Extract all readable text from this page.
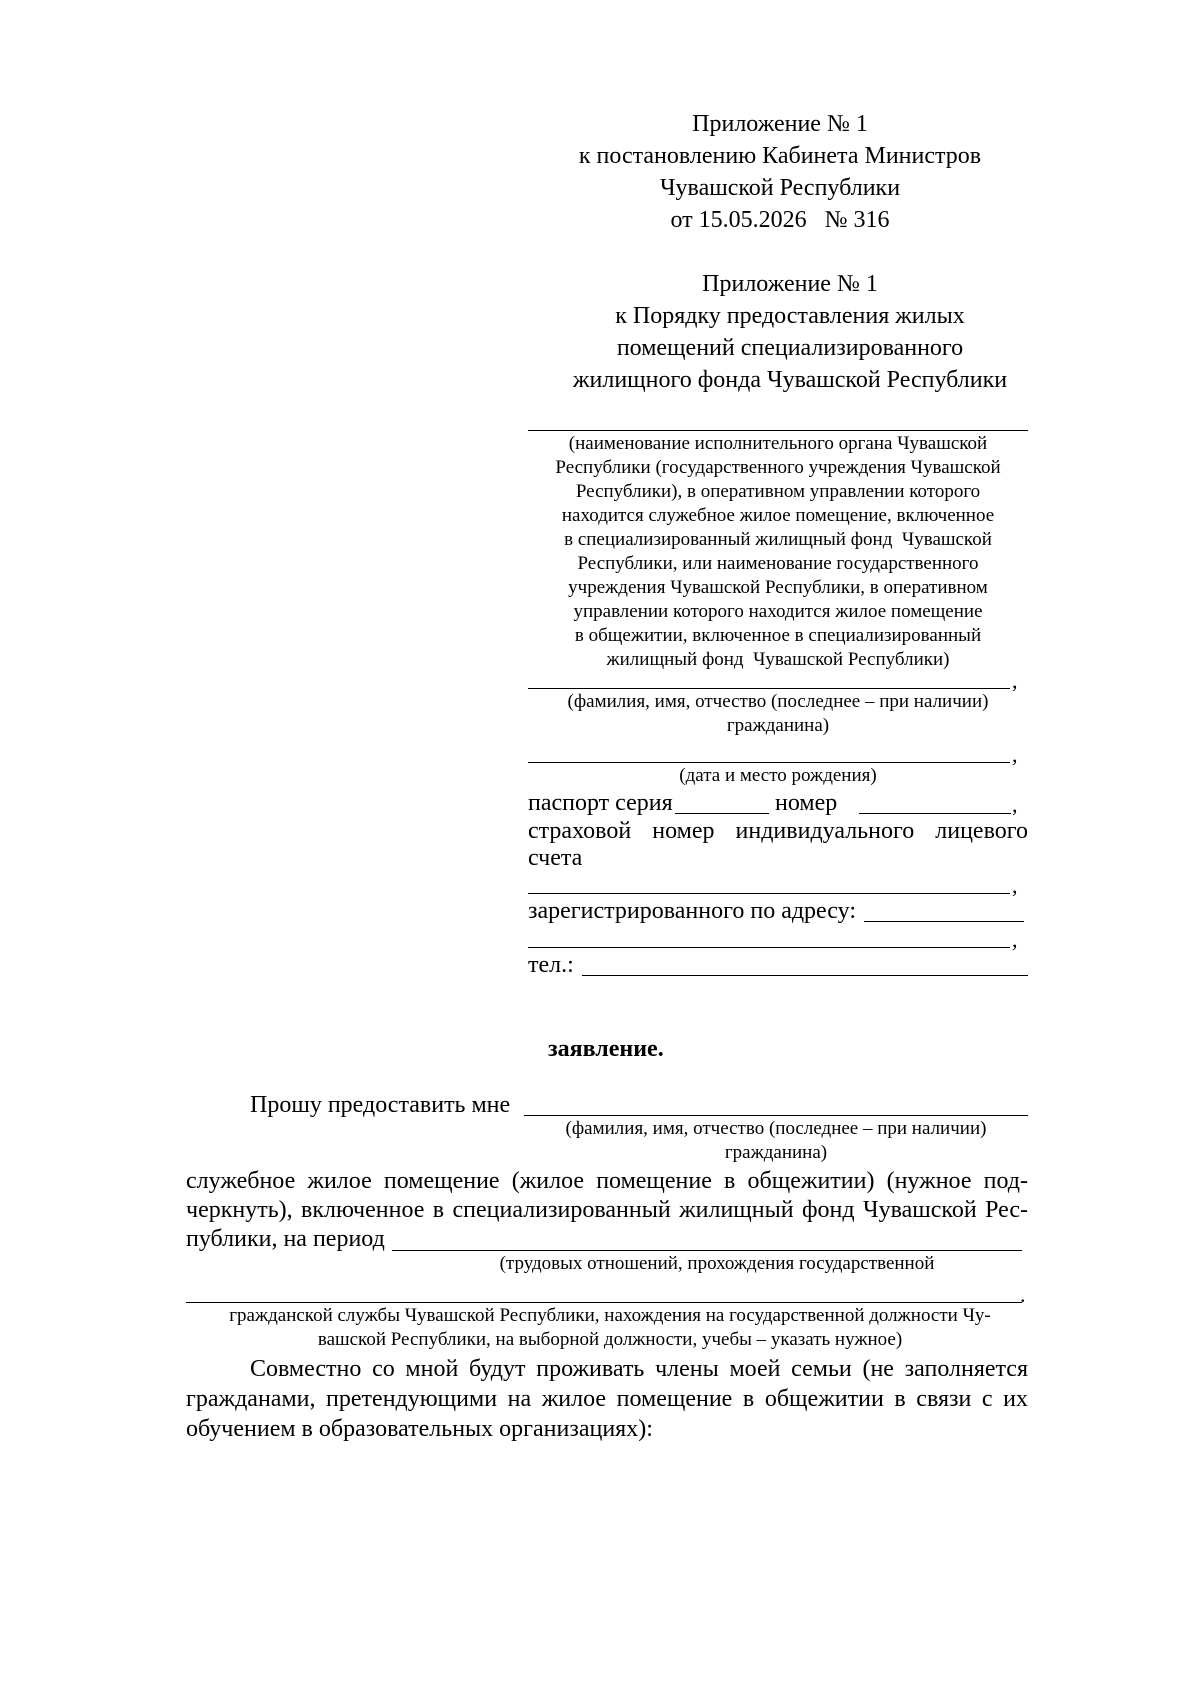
Приложение № 1
к постановлению Кабинета Министров
Чувашской Республики
от 15.05.2026   № 316
Приложение № 1
к Порядку предоставления жилых
помещений специализированного
жилищного фонда Чувашской Республики
(наименование исполнительного органа Чувашской
Республики (государственного учреждения Чувашской
Республики), в оперативном управлении которого
находится служебное жилое помещение, включенное
в специализированный жилищный фонд  Чувашской
Республики, или наименование государственного
учреждения Чувашской Республики, в оперативном
управлении которого находится жилое помещение
в общежитии, включенное в специализированный
жилищный фонд  Чувашской Республики)
,
(фамилия, имя, отчество (последнее – при наличии)
гражданина)
,
(дата и место рождения)
паспорт серия	номер	,
страховой номер индивидуального лицевого
счета
,
зарегистрированного по адресу:
,
тел.:
заявление.
Прошу предоставить мне
(фамилия, имя, отчество (последнее – при наличии)
гражданина)
служебное жилое помещение (жилое помещение в общежитии) (нужное под-
черкнуть), включенное в специализированный жилищный фонд Чувашской Рес-
публики, на период
(трудовых отношений, прохождения государственной
.
гражданской службы Чувашской Республики, нахождения на государственной должности Чу-
вашской Республики, на выборной должности, учебы – указать нужное)
Совместно со мной будут проживать члены моей семьи (не заполняется
гражданами, претендующими на жилое помещение в общежитии в связи с их
обучением в образовательных организациях):
